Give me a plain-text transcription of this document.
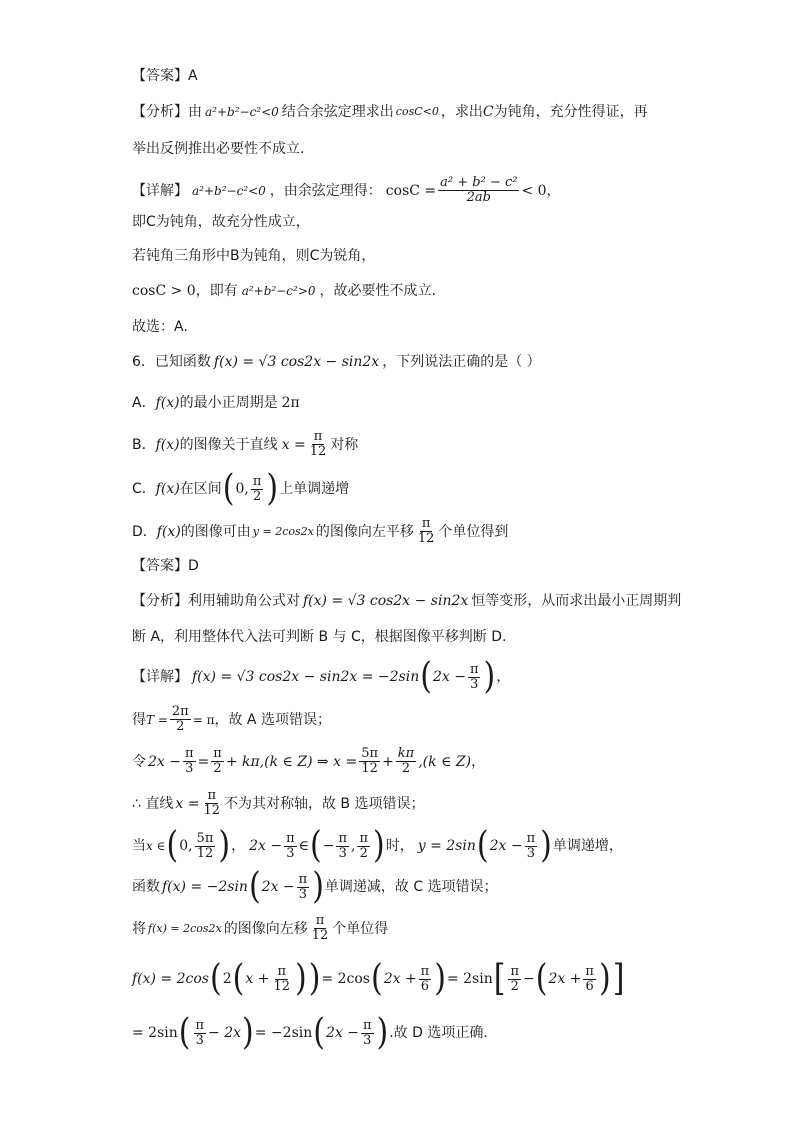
【答案】A
【分析】由 a²+b²−c²<0 结合余弦定理求出 cosC<0 ，求出 C 为钝角，充分性得证，再
举出反例推出必要性不成立.
【详解】 a²+b²−c²<0 ，由余弦定理得： $\cos C = \frac{\text{a² + b² − c²}}{2ab} < 0$，
即C为钝角，故充分性成立，
若钝角三角形中B为钝角，则C为锐角，
cosC > 0，即有 a²+b²−c²>0 ，故必要性不成立.
故选：A.
6．已知函数 f(x) = √3 cos2x − sin2x ，下列说法正确的是（ ）
A． f(x) 的最小正周期是 2π
B． f(x) 的图像关于直线 $x = \frac{\pi}{12}$ 对称
C． f(x) 在区间 ( 0, $\frac{\pi}{2}$ ) 上单调递增
D． f(x) 的图像可由 y = 2cos2x 的图像向左平移 $\frac{\pi}{12}$ 个单位得到
【答案】D
【分析】利用辅助角公式对 f(x) = √3 cos2x − sin2x 恒等变形，从而求出最小正周期判
断 A，利用整体代入法可判断 B 与 C，根据图像平移判断 D.
【详解】 f(x) = √3 cos2x − sin2x = −2sin ( $2x - \frac{\pi}{3}$ ) ，
得 $T = \frac{2\pi}{2} = \pi$ ，故 A 选项错误；
令 $2x - \frac{\pi}{3} = \frac{\pi}{2} + k\pi,(k$ ∈ Z) ⇒ $x = \frac{5\pi}{12} + \frac{k\pi}{2} ,(k$ ∈ Z) ，
∴ 直线 $x = \frac{\pi}{12}$ 不为其对称轴，故 B 选项错误；
当 x ∈ ( 0, $\frac{5\pi}{12}$ ) ， $2x - \frac{\pi}{3}$ ∈ ( − $\frac{\pi}{3}$ , $\frac{\pi}{2}$ ) 时， y = 2sin ( $2x - \frac{\pi}{3}$ ) 单调递增，
函数 f(x) = −2sin ( $2x - \frac{\pi}{3}$ ) 单调递减，故 C 选项错误；
将 f(x) = 2cos2x 的图像向左移 $\frac{\pi}{12}$ 个单位得
f(x) = 2cos ( 2 ( $x + \frac{\pi}{12}$ ) ) = 2cos ( $2x + \frac{\pi}{6}$ ) = 2sin [ $\frac{\pi}{2}$ − ( $2x + \frac{\pi}{6}$ ) ]
= 2sin ( $\frac{\pi}{3} - 2x$ ) = −2sin ( $2x - \frac{\pi}{3}$ ) .故 D 选项正确.
